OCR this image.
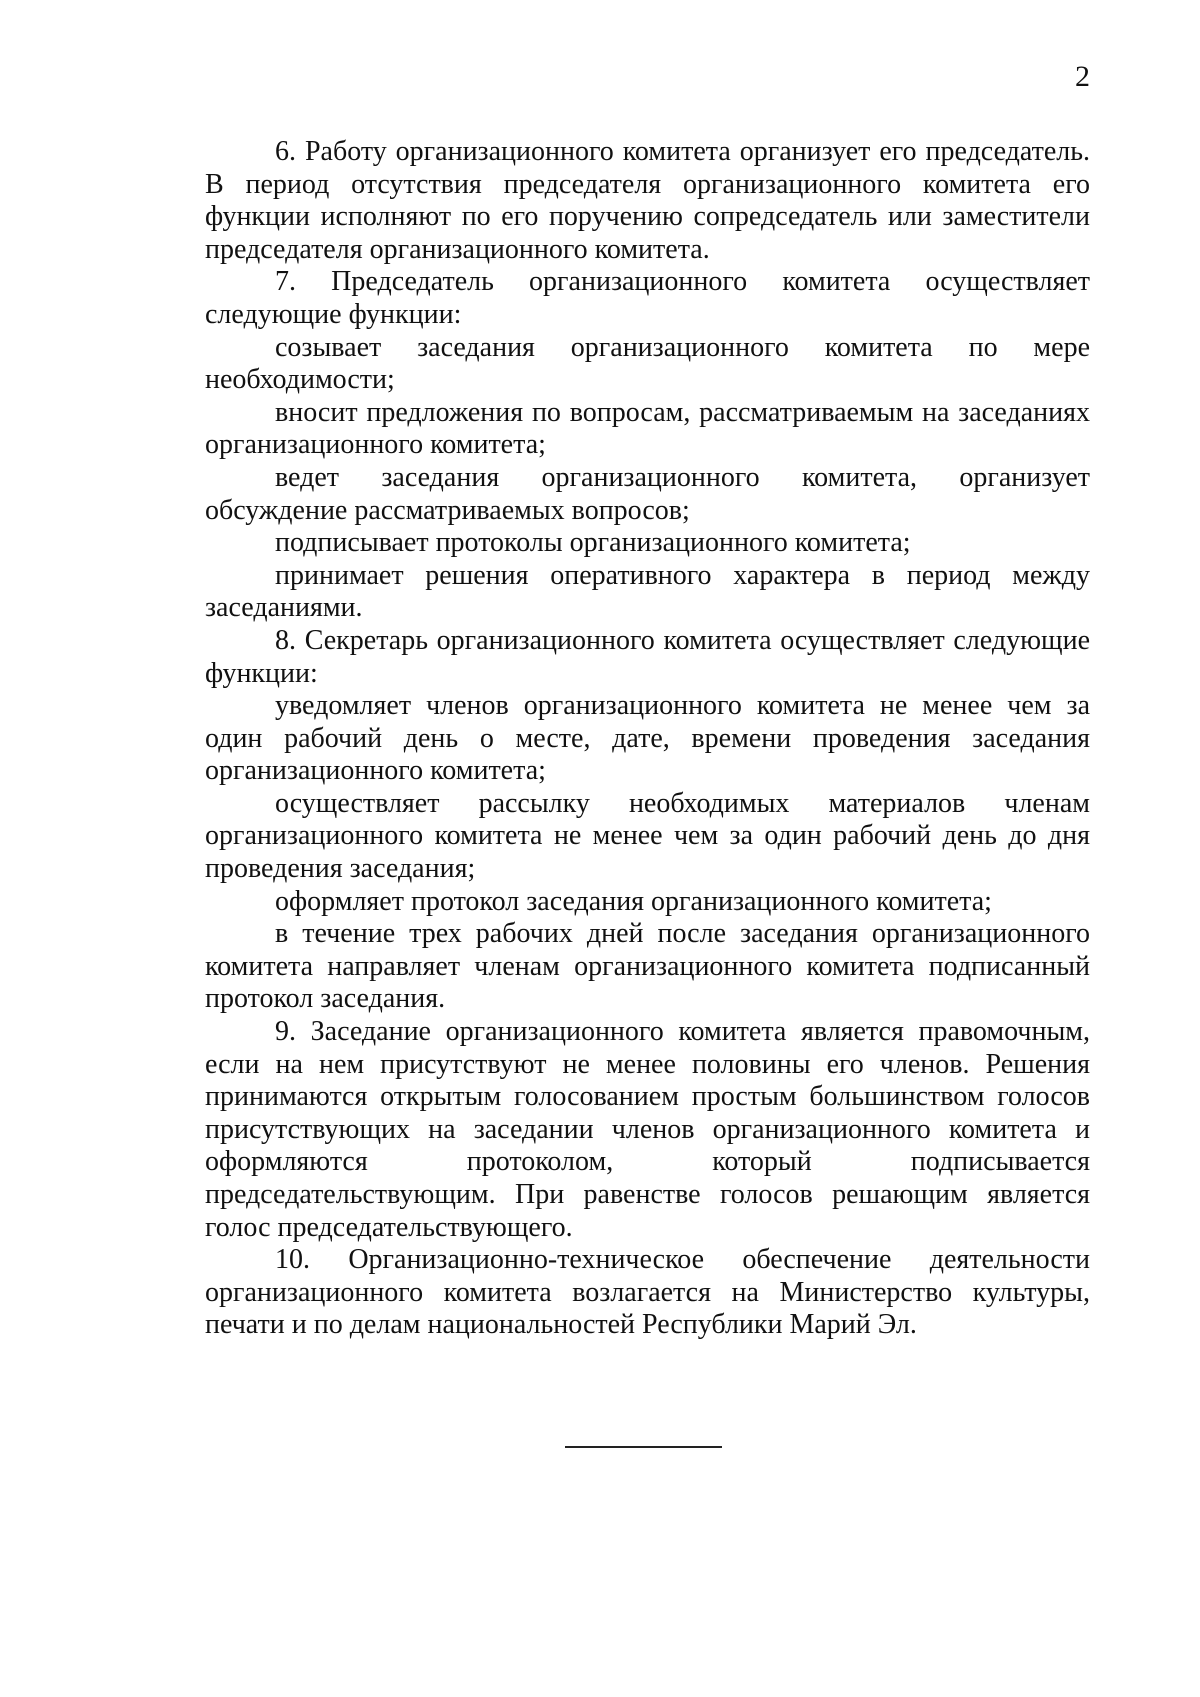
2

6. Работу организационного комитета организует его председатель. В период отсутствия председателя организационного комитета его функции исполняют по его поручению сопредседатель или заместители председателя организационного комитета.

7. Председатель организационного комитета осуществляет следующие функции:

созывает заседания организационного комитета по мере необходимости;

вносит предложения по вопросам, рассматриваемым на заседаниях организационного комитета;

ведет заседания организационного комитета, организует обсуждение рассматриваемых вопросов;

подписывает протоколы организационного комитета;

принимает решения оперативного характера в период между заседаниями.

8. Секретарь организационного комитета осуществляет следующие функции:

уведомляет членов организационного комитета не менее чем за один рабочий день о месте, дате, времени проведения заседания организационного комитета;

осуществляет рассылку необходимых материалов членам организационного комитета не менее чем за один рабочий день до дня проведения заседания;

оформляет протокол заседания организационного комитета;

в течение трех рабочих дней после заседания организационного комитета направляет членам организационного комитета подписанный протокол заседания.

9. Заседание организационного комитета является правомочным, если на нем присутствуют не менее половины его членов. Решения принимаются открытым голосованием простым большинством голосов присутствующих на заседании членов организационного комитета и оформляются протоколом, который подписывается председательствующим. При равенстве голосов решающим является голос председательствующего.

10. Организационно-техническое обеспечение деятельности организационного комитета возлагается на Министерство культуры, печати и по делам национальностей Республики Марий Эл.
